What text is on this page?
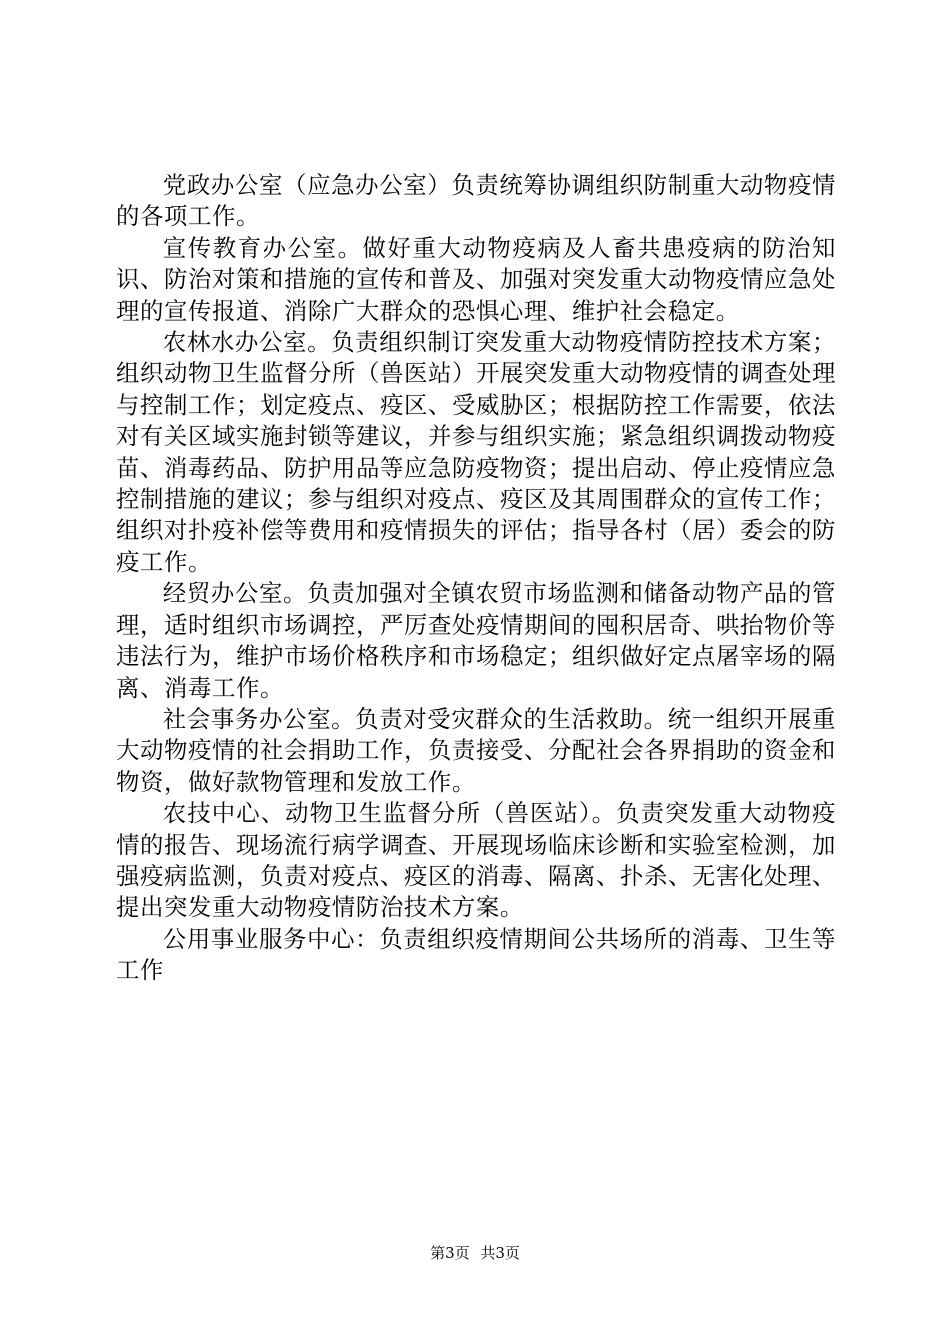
党政办公室（应急办公室）负责统筹协调组织防制重大动物疫情的各项工作。

宣传教育办公室。做好重大动物疫病及人畜共患疫病的防治知识、防治对策和措施的宣传和普及、加强对突发重大动物疫情应急处理的宣传报道、消除广大群众的恐惧心理、维护社会稳定。

农林水办公室。负责组织制订突发重大动物疫情防控技术方案；组织动物卫生监督分所（兽医站）开展突发重大动物疫情的调查处理与控制工作；划定疫点、疫区、受威胁区；根据防控工作需要，依法对有关区域实施封锁等建议，并参与组织实施；紧急组织调拨动物疫苗、消毒药品、防护用品等应急防疫物资；提出启动、停止疫情应急控制措施的建议；参与组织对疫点、疫区及其周围群众的宣传工作；组织对扑疫补偿等费用和疫情损失的评估；指导各村（居）委会的防疫工作。

经贸办公室。负责加强对全镇农贸市场监测和储备动物产品的管理，适时组织市场调控，严厉查处疫情期间的囤积居奇、哄抬物价等违法行为，维护市场价格秩序和市场稳定；组织做好定点屠宰场的隔离、消毒工作。

社会事务办公室。负责对受灾群众的生活救助。统一组织开展重大动物疫情的社会捐助工作，负责接受、分配社会各界捐助的资金和物资，做好款物管理和发放工作。

农技中心、动物卫生监督分所（兽医站）。负责突发重大动物疫情的报告、现场流行病学调查、开展现场临床诊断和实验室检测，加强疫病监测，负责对疫点、疫区的消毒、隔离、扑杀、无害化处理、提出突发重大动物疫情防治技术方案。

公用事业服务中心：负责组织疫情期间公共场所的消毒、卫生等工作

第3页 共3页
